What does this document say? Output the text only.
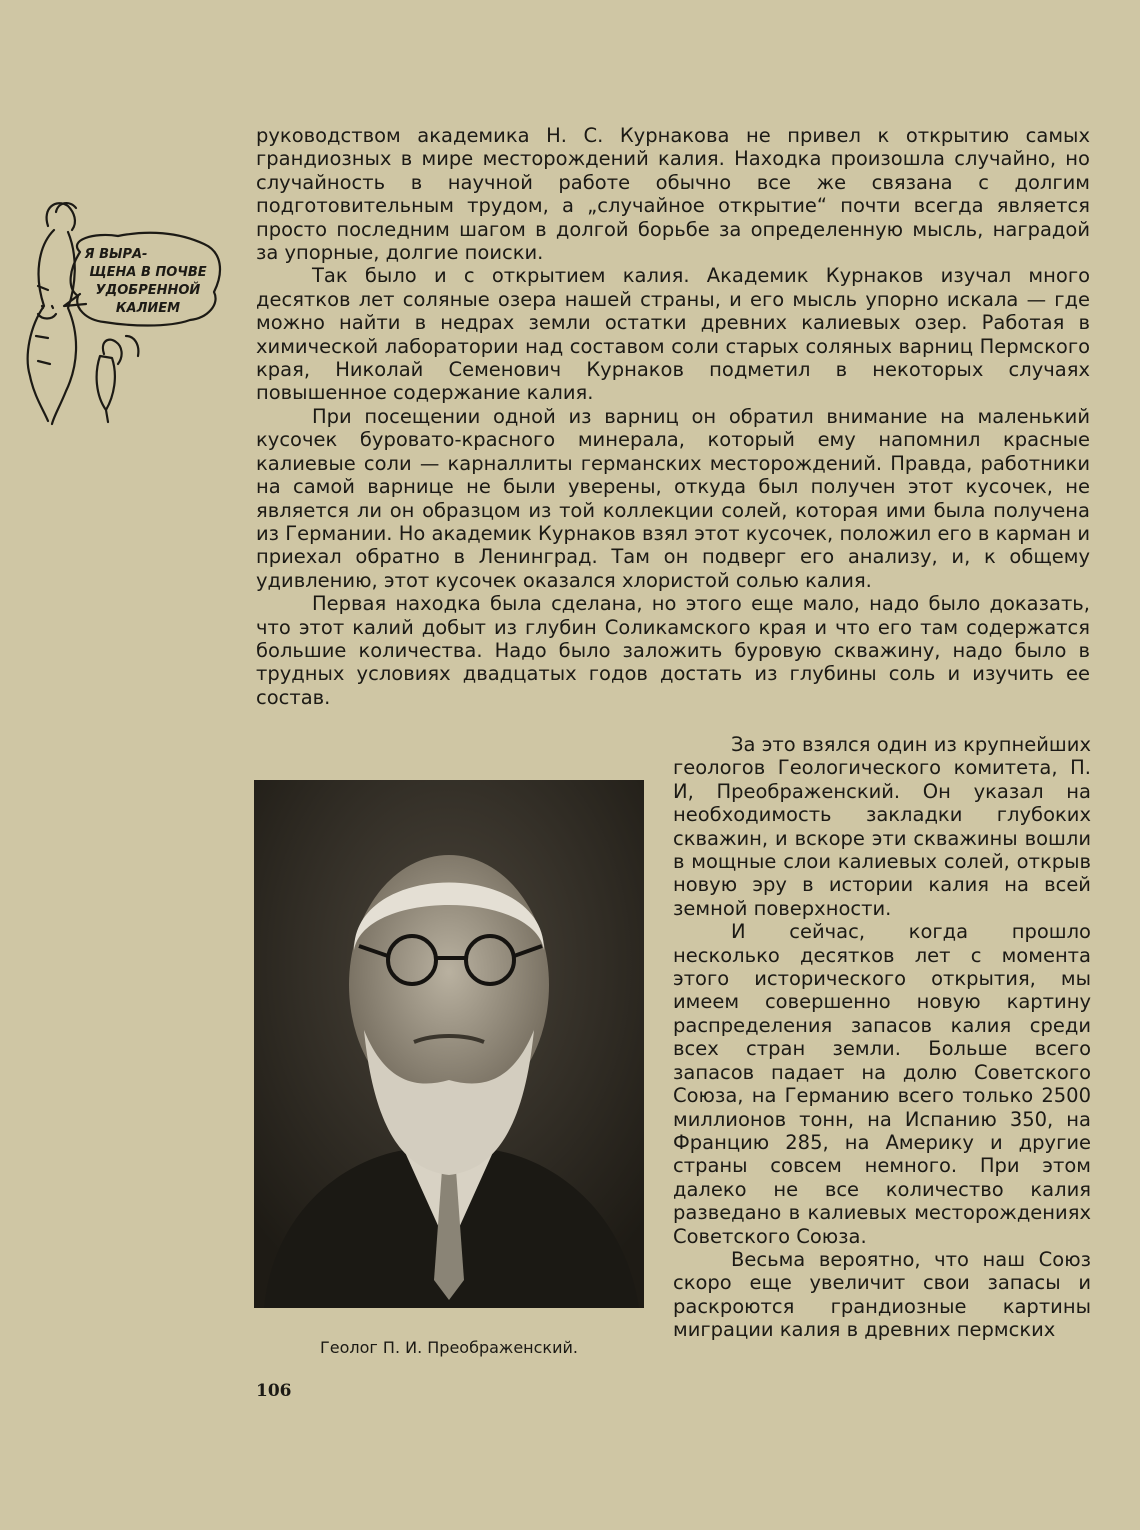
Я ВЫРА-
ЩЕНА В ПОЧВЕ
УДОБРЕННОЙ
КАЛИЕМ

руководством академика Н. С. Курнакова не привел к открытию самых грандиозных в мире месторождений калия. Находка произошла случайно, но случайность в научной работе обычно все же связана с долгим подготовительным трудом, а „случайное открытие“ почти всегда является просто последним шагом в долгой борьбе за определенную мысль, наградой за упорные, долгие поиски.

Так было и с открытием калия. Академик Курнаков изучал много десятков лет соляные озера нашей страны, и его мысль упорно искала — где можно найти в недрах земли остатки древних калиевых озер. Работая в химической лаборатории над составом соли старых соляных варниц Пермского края, Николай Семенович Курнаков подметил в некоторых случаях повышенное содержание калия.

При посещении одной из варниц он обратил внимание на маленький кусочек буровато-красного минерала, который ему напомнил красные калиевые соли — карналлиты германских месторождений. Правда, работники на самой варнице не были уверены, откуда был получен этот кусочек, не является ли он образцом из той коллекции солей, которая ими была получена из Германии. Но академик Курнаков взял этот кусочек, положил его в карман и приехал обратно в Ленинград. Там он подверг его анализу, и, к общему удивлению, этот кусочек оказался хлористой солью калия.

Первая находка была сделана, но этого еще мало, надо было доказать, что этот калий добыт из глубин Соликамского края и что его там содержатся большие количества. Надо было заложить буровую скважину, надо было в трудных условиях двадцатых годов достать из глубины соль и изучить ее состав.

Геолог П. И. Преображенский.

За это взялся один из крупнейших геологов Геологического комитета, П. И, Преображенский. Он указал на необходимость закладки глубоких скважин, и вскоре эти скважины вошли в мощные слои калиевых солей, открыв новую эру в истории калия на всей земной поверхности.

И сейчас, когда прошло несколько десятков лет с момента этого исторического открытия, мы имеем совершенно новую картину распределения запасов калия среди всех стран земли. Больше всего запасов падает на долю Советского Союза, на Германию всего только 2500 миллионов тонн, на Испанию 350, на Францию 285, на Америку и другие страны совсем немного. При этом далеко не все количество калия разведано в калиевых месторождениях Советского Союза.

Весьма вероятно, что наш Союз скоро еще увеличит свои запасы и раскроются грандиозные картины миграции калия в древних пермских

106
